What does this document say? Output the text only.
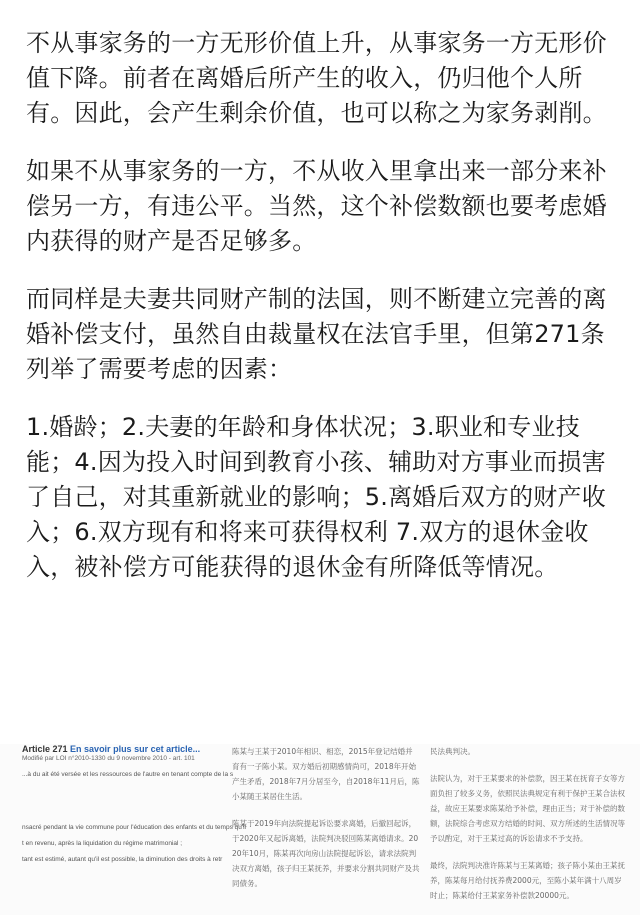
不从事家务的一方无形价值上升，从事家务一方无形价值下降。前者在离婚后所产生的收入，仍归他个人所有。因此，会产生剩余价值，也可以称之为家务剥削。

如果不从事家务的一方，不从收入里拿出来一部分来补偿另一方，有违公平。当然，这个补偿数额也要考虑婚内获得的财产是否足够多。

而同样是夫妻共同财产制的法国，则不断建立完善的离婚补偿支付，虽然自由裁量权在法官手里，但第271条列举了需要考虑的因素：

1.婚龄；2.夫妻的年龄和身体状况；3.职业和专业技能；4.因为投入时间到教育小孩、辅助对方事业而损害了自己，对其重新就业的影响；5.离婚后双方的财产收入；6.双方现有和将来可获得权利 7.双方的退休金收入，被补偿方可能获得的退休金有所降低等情况。

Article 271 En savoir plus sur cet article...
Modifié par LOI n°2010-1330 du 9 novembre 2010 - art. 101
...à du ait été versée et les ressources de l'autre en tenant compte de la s
nsacré pendant la vie commune pour l'éducation des enfants et du temps qu'il
t en revenu, après la liquidation du régime matrimonial ;
tant est estimé, autant qu'il est possible, la diminution des droits à retr
陈某与王某于2010年相识、相恋，2015年登记结婚并育有一子陈小某。双方婚后初期感情尚可，2018年开始产生矛盾，2018年7月分居至今，自2018年11月后，陈小某随王某居住生活。
陈某于2019年向法院提起诉讼要求离婚，后撤回起诉，于2020年又起诉离婚，法院判决驳回陈某离婚请求。2020年10月，陈某再次向房山法院提起诉讼，请求法院判决双方离婚，孩子归王某抚养，并要求分割共同财产及共同债务。
民法典判决。
法院认为，对于王某要求的补偿款，因王某在抚育子女等方面负担了较多义务，依照民法典规定有利于保护王某合法权益，故应王某要求陈某给予补偿，理由正当；对于补偿的数额，法院综合考虑双方结婚的时间、双方所述的生活情况等予以酌定，对于王某过高的诉讼请求不予支持。
最终，法院判决准许陈某与王某离婚；孩子陈小某由王某抚养，陈某每月给付抚养费2000元，至陈小某年满十八周岁时止；陈某给付王某家务补偿款20000元。
